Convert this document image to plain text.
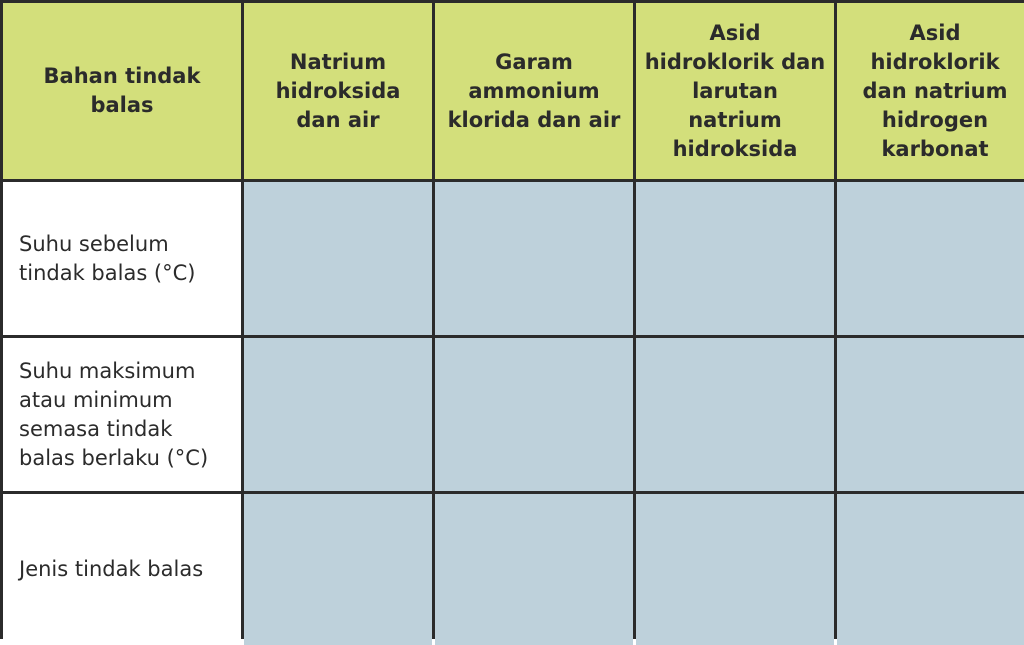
Bahan tindak balas
Natrium hidroksida dan air
Garam ammonium klorida dan air
Asid hidroklorik dan larutan natrium hidroksida
Asid hidroklorik dan natrium hidrogen karbonat
Suhu sebelum tindak balas (°C)
Suhu maksimum atau minimum semasa tindak balas berlaku (°C)
Jenis tindak balas
